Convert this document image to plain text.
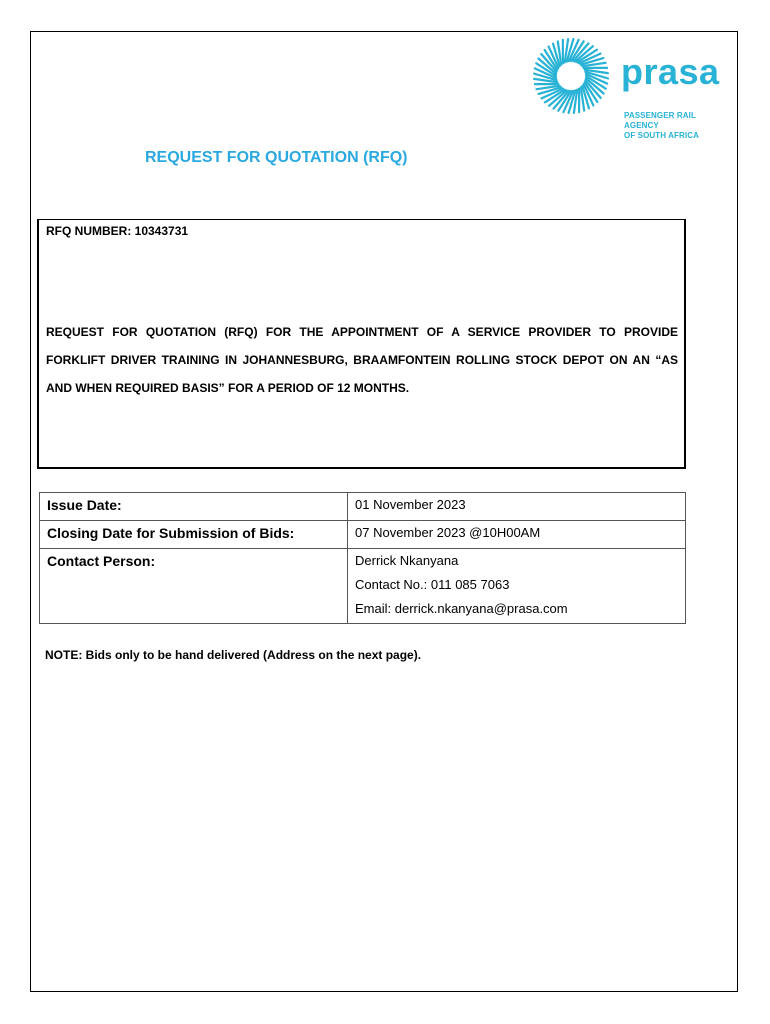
prasa
PASSENGER RAIL AGENCY
OF SOUTH AFRICA
REQUEST FOR QUOTATION (RFQ)
RFQ NUMBER: 10343731
REQUEST FOR QUOTATION (RFQ) FOR THE APPOINTMENT OF A SERVICE PROVIDER TO PROVIDE FORKLIFT DRIVER TRAINING IN JOHANNESBURG, BRAAMFONTEIN ROLLING STOCK DEPOT ON AN “AS AND WHEN REQUIRED BASIS” FOR A PERIOD OF 12 MONTHS.
Issue Date:	01 November 2023

Closing Date for Submission of Bids:	07 November 2023 @10H00AM

Contact Person:	Derrick Nkanyana
Contact No.: 011 085 7063
Email: derrick.nkanyana@prasa.com
NOTE: Bids only to be hand delivered (Address on the next page).
